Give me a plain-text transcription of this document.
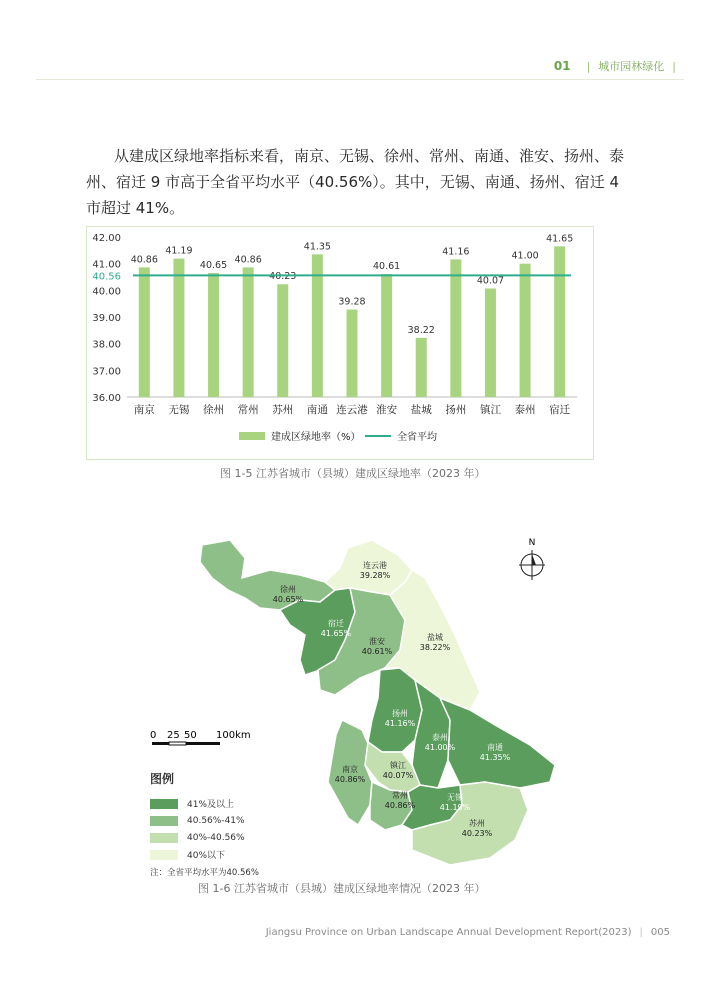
01 | 城市园林绿化 |
从建成区绿地率指标来看，南京、无锡、徐州、常州、南通、淮安、扬州、泰州、宿迁 9 市高于全省平均水平（40.56%）。其中，无锡、南通、扬州、宿迁 4 市超过 41%。
42.00
41.00
40.00
39.00
38.00
37.00
36.00
40.56
40.86
南京
41.19
无锡
40.65
徐州
40.86
常州
40.23
苏州
41.35
南通
39.28
连云港
40.61
淮安
38.22
盐城
41.16
扬州
40.07
镇江
41.00
泰州
41.65
宿迁
建成区绿地率（%）	全省平均
图 1-5 江苏省城市（县城）建成区绿地率（2023 年）
N
徐州
40.65%
连云港
39.28%
宿迁
41.65%
淮安
40.61%
盐城
38.22%
扬州
41.16%
泰州
41.00%	南通
41.35%
南京
40.86%
镇江
40.07%
常州
40.86%
无锡
41.19%
苏州
40.23%
0 25 50 100km
图例
41%及以上
40.56%-41%
40%-40.56%
40%以下
注：全省平均水平为40.56%
图 1-6 江苏省城市（县城）建成区绿地率情况（2023 年）
Jiangsu Province on Urban Landscape Annual Development Report(2023) | 005
